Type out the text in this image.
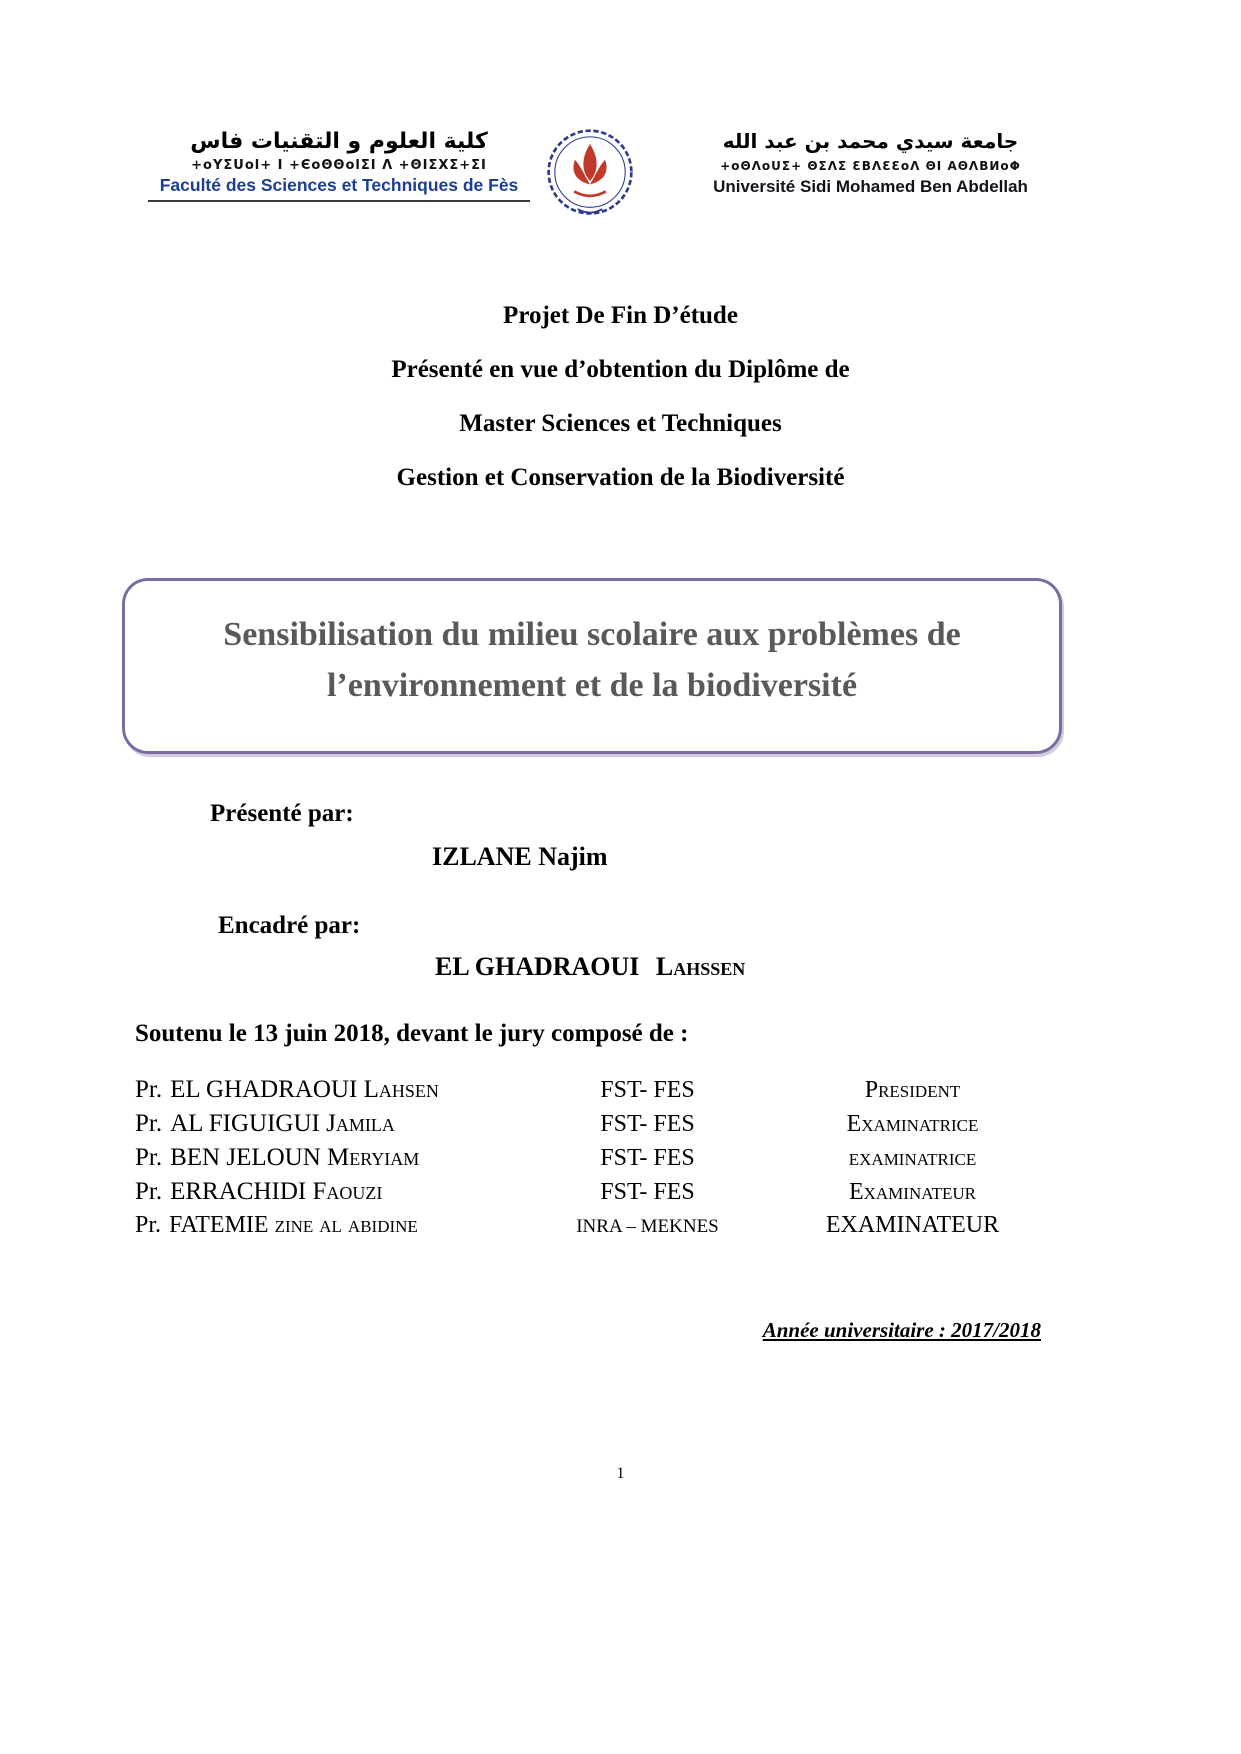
كلية العلوم و التقنيات فاس
+oYΣUol+ I +ЄoΘΘolΣI Λ +ΘIΣΧΣ+ΣI
Faculté des Sciences et Techniques de Fès
جامعة سيدي محمد بن عبد الله
+oΘΛoUΣ+ ΘΣΛΣ ƐBΛƐƐoΛ ΘΙ ΑΘΛBИoΦ
Université Sidi Mohamed Ben Abdellah

Projet De Fin D’étude

Présenté en vue d’obtention du Diplôme de

Master Sciences et Techniques

Gestion et Conservation de la Biodiversité

Sensibilisation du milieu scolaire aux problèmes de

l’environnement et de la biodiversité

Présenté par:

IZLANE Najim

Encadré par:

EL GHADRAOUI Lahssen

Soutenu le 13 juin 2018, devant le jury composé de :

Pr. EL GHADRAOUI Lahsen	FST- FES	President
Pr. AL FIGUIGUI Jamila	FST- FES	Examinatrice
Pr. BEN JELOUN Meryiam	FST- FES	examinatrice
Pr. ERRACHIDI Faouzi	FST- FES	Examinateur
Pr. FATEMIE zine al abidine	INRA – MEKNES	EXAMINATEUR

Année universitaire : 2017/2018

1
